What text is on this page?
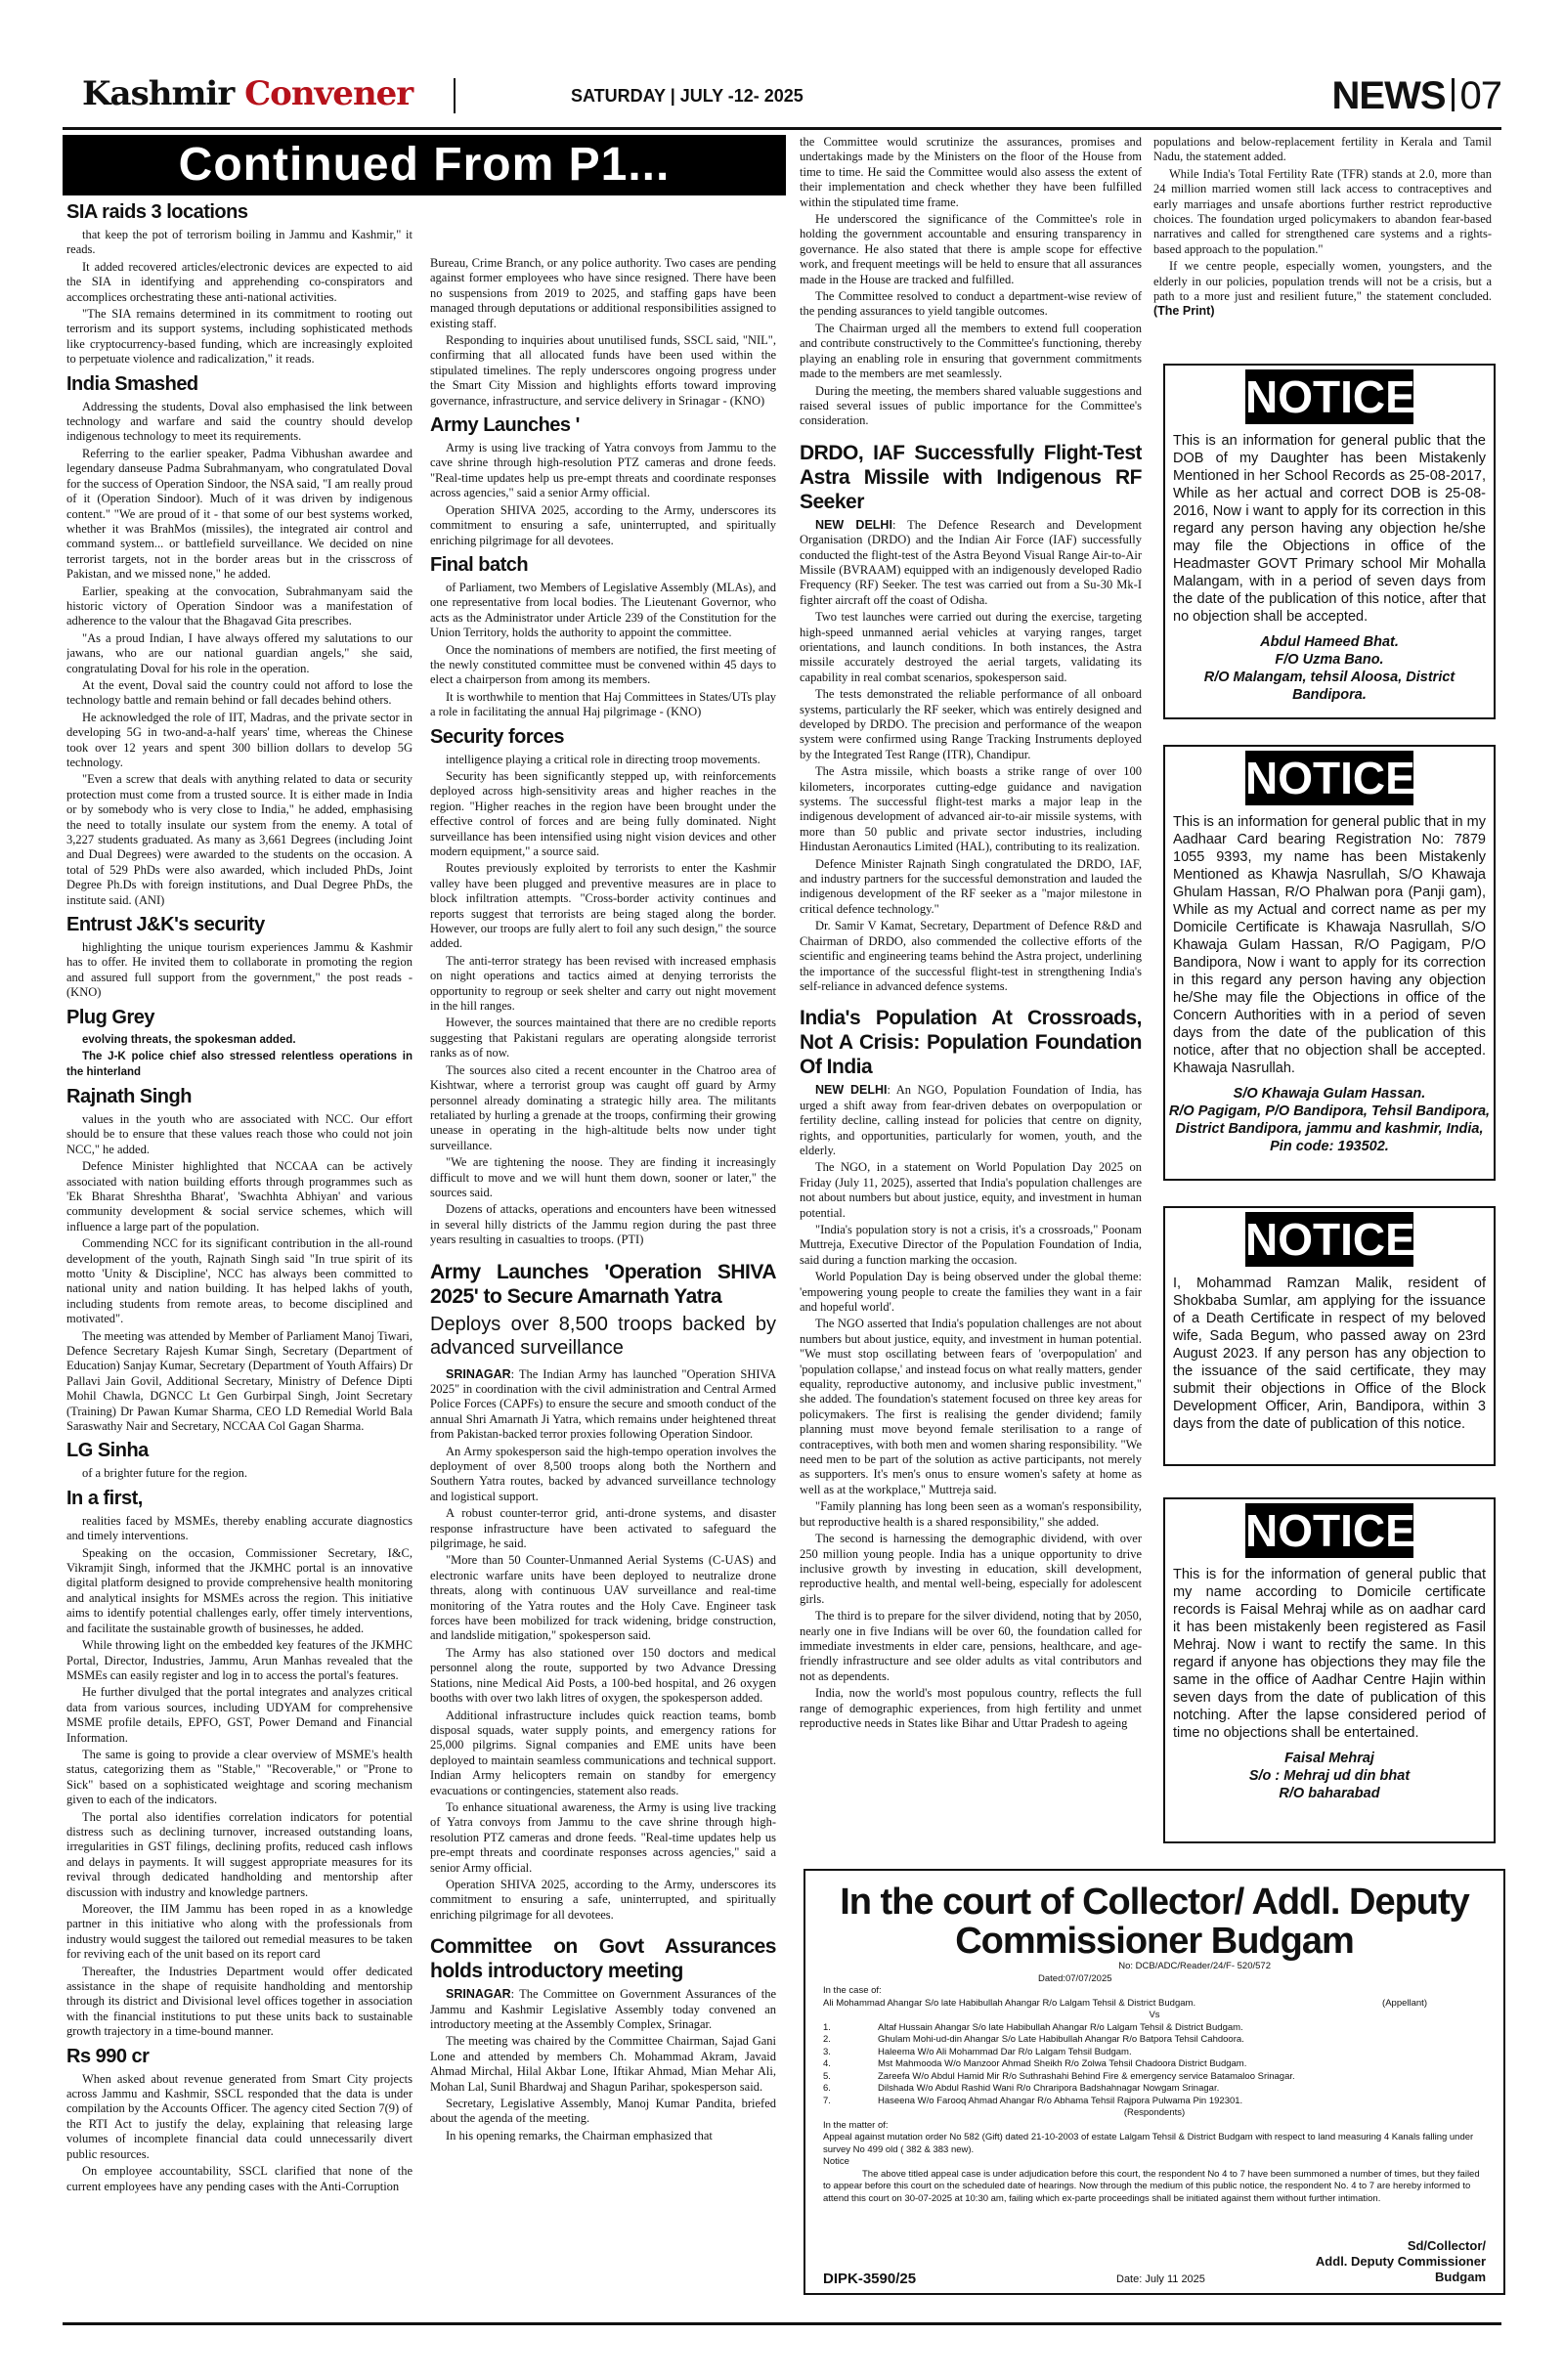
Kashmir Convener	SATURDAY | JULY -12- 2025	NEWS 07
Continued From P1...
SIA raids 3 locations

that keep the pot of terrorism boiling in Jammu and Kashmir," it reads.

It added recovered articles/electronic devices are expected to aid the SIA in identifying and apprehending co-conspirators and accomplices orchestrating these anti-national activities.

"The SIA remains determined in its commitment to rooting out terrorism and its support systems, including sophisticated methods like cryptocurrency-based funding, which are increasingly exploited to perpetuate violence and radicalization," it reads.

India Smashed

Addressing the students, Doval also emphasised the link between technology and warfare and said the country should develop indigenous technology to meet its requirements.

Referring to the earlier speaker, Padma Vibhushan awardee and legendary danseuse Padma Subrahmanyam, who congratulated Doval for the success of Operation Sindoor, the NSA said, "I am really proud of it (Operation Sindoor). Much of it was driven by indigenous content." "We are proud of it - that some of our best systems worked, whether it was BrahMos (missiles), the integrated air control and command system... or battlefield surveillance. We decided on nine terrorist targets, not in the border areas but in the crisscross of Pakistan, and we missed none," he added.

Earlier, speaking at the convocation, Subrahmanyam said the historic victory of Operation Sindoor was a manifestation of adherence to the valour that the Bhagavad Gita prescribes.

"As a proud Indian, I have always offered my salutations to our jawans, who are our national guardian angels," she said, congratulating Doval for his role in the operation.

At the event, Doval said the country could not afford to lose the technology battle and remain behind or fall decades behind others.

He acknowledged the role of IIT, Madras, and the private sector in developing 5G in two-and-a-half years' time, whereas the Chinese took over 12 years and spent 300 billion dollars to develop 5G technology.

"Even a screw that deals with anything related to data or security protection must come from a trusted source. It is either made in India or by somebody who is very close to India," he added, emphasising the need to totally insulate our system from the enemy. A total of 3,227 students graduated. As many as 3,661 Degrees (including Joint and Dual Degrees) were awarded to the students on the occasion. A total of 529 PhDs were also awarded, which included PhDs, Joint Degree Ph.Ds with foreign institutions, and Dual Degree PhDs, the institute said. (ANI)

Entrust J&K's security

highlighting the unique tourism experiences Jammu & Kashmir has to offer. He invited them to collaborate in promoting the region and assured full support from the government," the post reads - (KNO)

Plug Grey

evolving threats, the spokesman added.

The J-K police chief also stressed relentless operations in the hinterland

Rajnath Singh

values in the youth who are associated with NCC. Our effort should be to ensure that these values reach those who could not join NCC," he added.

Defence Minister highlighted that NCCAA can be actively associated with nation building efforts through programmes such as 'Ek Bharat Shreshtha Bharat', 'Swachhta Abhiyan' and various community development & social service schemes, which will influence a large part of the population.

Commending NCC for its significant contribution in the all-round development of the youth, Rajnath Singh said "In true spirit of its motto 'Unity & Discipline', NCC has always been committed to national unity and nation building. It has helped lakhs of youth, including students from remote areas, to become disciplined and motivated".

The meeting was attended by Member of Parliament Manoj Tiwari, Defence Secretary Rajesh Kumar Singh, Secretary (Department of Education) Sanjay Kumar, Secretary (Department of Youth Affairs) Dr Pallavi Jain Govil, Additional Secretary, Ministry of Defence Dipti Mohil Chawla, DGNCC Lt Gen Gurbirpal Singh, Joint Secretary (Training) Dr Pawan Kumar Sharma, CEO LD Remedial World Bala Saraswathy Nair and Secretary, NCCAA Col Gagan Sharma.

LG Sinha

of a brighter future for the region.

In a first,

realities faced by MSMEs, thereby enabling accurate diagnostics and timely interventions.

Speaking on the occasion, Commissioner Secretary, I&C, Vikramjit Singh, informed that the JKMHC portal is an innovative digital platform designed to provide comprehensive health monitoring and analytical insights for MSMEs across the region. This initiative aims to identify potential challenges early, offer timely interventions, and facilitate the sustainable growth of businesses, he added.

While throwing light on the embedded key features of the JKMHC Portal, Director, Industries, Jammu, Arun Manhas revealed that the MSMEs can easily register and log in to access the portal's features.

He further divulged that the portal integrates and analyzes critical data from various sources, including UDYAM for comprehensive MSME profile details, EPFO, GST, Power Demand and Financial Information.

The same is going to provide a clear overview of MSME's health status, categorizing them as "Stable," "Recoverable," or "Prone to Sick" based on a sophisticated weightage and scoring mechanism given to each of the indicators.

The portal also identifies correlation indicators for potential distress such as declining turnover, increased outstanding loans, irregularities in GST filings, declining profits, reduced cash inflows and delays in payments. It will suggest appropriate measures for its revival through dedicated handholding and mentorship after discussion with industry and knowledge partners.

Moreover, the IIM Jammu has been roped in as a knowledge partner in this initiative who along with the professionals from industry would suggest the tailored out remedial measures to be taken for reviving each of the unit based on its report card

Thereafter, the Industries Department would offer dedicated assistance in the shape of requisite handholding and mentorship through its district and Divisional level offices together in association with the financial institutions to put these units back to sustainable growth trajectory in a time-bound manner.

Rs 990 cr

When asked about revenue generated from Smart City projects across Jammu and Kashmir, SSCL responded that the data is under compilation by the Accounts Officer. The agency cited Section 7(9) of the RTI Act to justify the delay, explaining that releasing large volumes of incomplete financial data could unnecessarily divert public resources.

On employee accountability, SSCL clarified that none of the current employees have any pending cases with the Anti-Corruption

Bureau, Crime Branch, or any police authority. Two cases are pending against former employees who have since resigned. There have been no suspensions from 2019 to 2025, and staffing gaps have been managed through deputations or additional responsibilities assigned to existing staff.

Responding to inquiries about unutilised funds, SSCL said, "NIL", confirming that all allocated funds have been used within the stipulated timelines. The reply underscores ongoing progress under the Smart City Mission and highlights efforts toward improving governance, infrastructure, and service delivery in Srinagar - (KNO)

Army Launches '

Army is using live tracking of Yatra convoys from Jammu to the cave shrine through high-resolution PTZ cameras and drone feeds. "Real-time updates help us pre-empt threats and coordinate responses across agencies," said a senior Army official.

Operation SHIVA 2025, according to the Army, underscores its commitment to ensuring a safe, uninterrupted, and spiritually enriching pilgrimage for all devotees.

Final batch

of Parliament, two Members of Legislative Assembly (MLAs), and one representative from local bodies. The Lieutenant Governor, who acts as the Administrator under Article 239 of the Constitution for the Union Territory, holds the authority to appoint the committee.

Once the nominations of members are notified, the first meeting of the newly constituted committee must be convened within 45 days to elect a chairperson from among its members.

It is worthwhile to mention that Haj Committees in States/UTs play a role in facilitating the annual Haj pilgrimage - (KNO)

Security forces

intelligence playing a critical role in directing troop movements.

Security has been significantly stepped up, with reinforcements deployed across high-sensitivity areas and higher reaches in the region. "Higher reaches in the region have been brought under the effective control of forces and are being fully dominated. Night surveillance has been intensified using night vision devices and other modern equipment," a source said.

Routes previously exploited by terrorists to enter the Kashmir valley have been plugged and preventive measures are in place to block infiltration attempts. "Cross-border activity continues and reports suggest that terrorists are being staged along the border. However, our troops are fully alert to foil any such design," the source added.

The anti-terror strategy has been revised with increased emphasis on night operations and tactics aimed at denying terrorists the opportunity to regroup or seek shelter and carry out night movement in the hill ranges.

However, the sources maintained that there are no credible reports suggesting that Pakistani regulars are operating alongside terrorist ranks as of now.

The sources also cited a recent encounter in the Chatroo area of Kishtwar, where a terrorist group was caught off guard by Army personnel already dominating a strategic hilly area. The militants retaliated by hurling a grenade at the troops, confirming their growing unease in operating in the high-altitude belts now under tight surveillance.

"We are tightening the noose. They are finding it increasingly difficult to move and we will hunt them down, sooner or later," the sources said.

Dozens of attacks, operations and encounters have been witnessed in several hilly districts of the Jammu region during the past three years resulting in casualties to troops. (PTI)

Army Launches 'Operation SHIVA 2025' to Secure Amarnath Yatra
Deploys over 8,500 troops backed by advanced surveillance

SRINAGAR: The Indian Army has launched "Operation SHIVA 2025" in coordination with the civil administration and Central Armed Police Forces (CAPFs) to ensure the secure and smooth conduct of the annual Shri Amarnath Ji Yatra, which remains under heightened threat from Pakistan-backed terror proxies following Operation Sindoor.

An Army spokesperson said the high-tempo operation involves the deployment of over 8,500 troops along both the Northern and Southern Yatra routes, backed by advanced surveillance technology and logistical support.

A robust counter-terror grid, anti-drone systems, and disaster response infrastructure have been activated to safeguard the pilgrimage, he said.

"More than 50 Counter-Unmanned Aerial Systems (C-UAS) and electronic warfare units have been deployed to neutralize drone threats, along with continuous UAV surveillance and real-time monitoring of the Yatra routes and the Holy Cave. Engineer task forces have been mobilized for track widening, bridge construction, and landslide mitigation," spokesperson said.

The Army has also stationed over 150 doctors and medical personnel along the route, supported by two Advance Dressing Stations, nine Medical Aid Posts, a 100-bed hospital, and 26 oxygen booths with over two lakh litres of oxygen, the spokesperson added.

Additional infrastructure includes quick reaction teams, bomb disposal squads, water supply points, and emergency rations for 25,000 pilgrims. Signal companies and EME units have been deployed to maintain seamless communications and technical support. Indian Army helicopters remain on standby for emergency evacuations or contingencies, statement also reads.

To enhance situational awareness, the Army is using live tracking of Yatra convoys from Jammu to the cave shrine through high-resolution PTZ cameras and drone feeds. "Real-time updates help us pre-empt threats and coordinate responses across agencies," said a senior Army official.

Operation SHIVA 2025, according to the Army, underscores its commitment to ensuring a safe, uninterrupted, and spiritually enriching pilgrimage for all devotees.

Committee on Govt Assurances holds introductory meeting

SRINAGAR: The Committee on Government Assurances of the Jammu and Kashmir Legislative Assembly today convened an introductory meeting at the Assembly Complex, Srinagar.

The meeting was chaired by the Committee Chairman, Sajad Gani Lone and attended by members Ch. Mohammad Akram, Javaid Ahmad Mirchal, Hilal Akbar Lone, Iftikar Ahmad, Mian Mehar Ali, Mohan Lal, Sunil Bhardwaj and Shagun Parihar, spokesperson said.

Secretary, Legislative Assembly, Manoj Kumar Pandita, briefed about the agenda of the meeting.

In his opening remarks, the Chairman emphasized that

the Committee would scrutinize the assurances, promises and undertakings made by the Ministers on the floor of the House from time to time. He said the Committee would also assess the extent of their implementation and check whether they have been fulfilled within the stipulated time frame.

He underscored the significance of the Committee's role in holding the government accountable and ensuring transparency in governance. He also stated that there is ample scope for effective work, and frequent meetings will be held to ensure that all assurances made in the House are tracked and fulfilled.

The Committee resolved to conduct a department-wise review of the pending assurances to yield tangible outcomes.

The Chairman urged all the members to extend full cooperation and contribute constructively to the Committee's functioning, thereby playing an enabling role in ensuring that government commitments made to the members are met seamlessly.

During the meeting, the members shared valuable suggestions and raised several issues of public importance for the Committee's consideration.

DRDO, IAF Successfully Flight-Test Astra Missile with Indigenous RF Seeker

NEW DELHI: The Defence Research and Development Organisation (DRDO) and the Indian Air Force (IAF) successfully conducted the flight-test of the Astra Beyond Visual Range Air-to-Air Missile (BVRAAM) equipped with an indigenously developed Radio Frequency (RF) Seeker. The test was carried out from a Su-30 Mk-I fighter aircraft off the coast of Odisha.

Two test launches were carried out during the exercise, targeting high-speed unmanned aerial vehicles at varying ranges, target orientations, and launch conditions. In both instances, the Astra missile accurately destroyed the aerial targets, validating its capability in real combat scenarios, spokesperson said.

The tests demonstrated the reliable performance of all onboard systems, particularly the RF seeker, which was entirely designed and developed by DRDO. The precision and performance of the weapon system were confirmed using Range Tracking Instruments deployed by the Integrated Test Range (ITR), Chandipur.

The Astra missile, which boasts a strike range of over 100 kilometers, incorporates cutting-edge guidance and navigation systems. The successful flight-test marks a major leap in the indigenous development of advanced air-to-air missile systems, with more than 50 public and private sector industries, including Hindustan Aeronautics Limited (HAL), contributing to its realization.

Defence Minister Rajnath Singh congratulated the DRDO, IAF, and industry partners for the successful demonstration and lauded the indigenous development of the RF seeker as a "major milestone in critical defence technology."

Dr. Samir V Kamat, Secretary, Department of Defence R&D and Chairman of DRDO, also commended the collective efforts of the scientific and engineering teams behind the Astra project, underlining the importance of the successful flight-test in strengthening India's self-reliance in advanced defence systems.

India's Population At Crossroads, Not A Crisis: Population Foundation Of India

NEW DELHI: An NGO, Population Foundation of India, has urged a shift away from fear-driven debates on overpopulation or fertility decline, calling instead for policies that centre on dignity, rights, and opportunities, particularly for women, youth, and the elderly.

The NGO, in a statement on World Population Day 2025 on Friday (July 11, 2025), asserted that India's population challenges are not about numbers but about justice, equity, and investment in human potential.

"India's population story is not a crisis, it's a crossroads," Poonam Muttreja, Executive Director of the Population Foundation of India, said during a function marking the occasion.

World Population Day is being observed under the global theme: 'empowering young people to create the families they want in a fair and hopeful world'.

The NGO asserted that India's population challenges are not about numbers but about justice, equity, and investment in human potential. "We must stop oscillating between fears of 'overpopulation' and 'population collapse,' and instead focus on what really matters, gender equality, reproductive autonomy, and inclusive public investment," she added. The foundation's statement focused on three key areas for policymakers. The first is realising the gender dividend; family planning must move beyond female sterilisation to a range of contraceptives, with both men and women sharing responsibility. "We need men to be part of the solution as active participants, not merely as supporters. It's men's onus to ensure women's safety at home as well as at the workplace," Muttreja said.

"Family planning has long been seen as a woman's responsibility, but reproductive health is a shared responsibility," she added.

The second is harnessing the demographic dividend, with over 250 million young people. India has a unique opportunity to drive inclusive growth by investing in education, skill development, reproductive health, and mental well-being, especially for adolescent girls.

The third is to prepare for the silver dividend, noting that by 2050, nearly one in five Indians will be over 60, the foundation called for immediate investments in elder care, pensions, healthcare, and age-friendly infrastructure and see older adults as vital contributors and not as dependents.

India, now the world's most populous country, reflects the full range of demographic experiences, from high fertility and unmet reproductive needs in States like Bihar and Uttar Pradesh to ageing

populations and below-replacement fertility in Kerala and Tamil Nadu, the statement added.

While India's Total Fertility Rate (TFR) stands at 2.0, more than 24 million married women still lack access to contraceptives and early marriages and unsafe abortions further restrict reproductive choices. The foundation urged policymakers to abandon fear-based narratives and called for strengthened care systems and a rights-based approach to the population."

If we centre people, especially women, youngsters, and the elderly in our policies, population trends will not be a crisis, but a path to a more just and resilient future," the statement concluded. (The Print)

NOTICE
This is an information for general public that the DOB of my Daughter has been Mistakenly Mentioned in her School Records as 25-08-2017, While as her actual and correct DOB is 25-08-2016, Now i want to apply for its correction in this regard any person having any objection he/she may file the Objections in office of the Headmaster GOVT Primary school Mir Mohalla Malangam, with in a period of seven days from the date of the publication of this notice, after that no objection shall be accepted.
Abdul Hameed Bhat.
F/O Uzma Bano.
R/O Malangam, tehsil Aloosa, District Bandipora.
NOTICE
This is an information for general public that in my Aadhaar Card bearing Registration No: 7879 1055 9393, my name has been Mistakenly Mentioned as Khawja Nasrullah, S/O Khawaja Ghulam Hassan, R/O Phalwan pora (Panji gam), While as my Actual and correct name as per my Domicile Certificate is Khawaja Nasrullah, S/O Khawaja Gulam Hassan, R/O Pagigam, P/O Bandipora, Now i want to apply for its correction in this regard any person having any objection he/She may file the Objections in office of the Concern Authorities with in a period of seven days from the date of the publication of this notice, after that no objection shall be accepted. Khawaja Nasrullah.
S/O Khawaja Gulam Hassan.
R/O Pagigam, P/O Bandipora, Tehsil Bandipora, District Bandipora, jammu and kashmir, India, Pin code: 193502.
NOTICE
I, Mohammad Ramzan Malik, resident of Shokbaba Sumlar, am applying for the issuance of a Death Certificate in respect of my beloved wife, Sada Begum, who passed away on 23rd August 2023. If any person has any objection to the issuance of the said certificate, they may submit their objections in Office of the Block Development Officer, Arin, Bandipora, within 3 days from the date of publication of this notice.
NOTICE
This is for the information of general public that my name according to Domicile certificate records is Faisal Mehraj while as on aadhar card it has been mistakenly been registered as Fasil Mehraj. Now i want to rectify the same. In this regard if anyone has objections they may file the same in the office of Aadhar Centre Hajin within seven days from the date of publication of this notching. After the lapse considered period of time no objections shall be entertained.
Faisal Mehraj
S/o : Mehraj ud din bhat
R/O baharabad
In the court of Collector/ Addl. Deputy Commissioner Budgam
No: DCB/ADC/Reader/24/F- 520/572
Dated:07/07/2025
In the case of:
Ali Mohammad Ahangar S/o late Habibullah Ahangar R/o Lalgam Tehsil & District Budgam.	(Appellant)
Vs
1.	Altaf Hussain Ahangar S/o late Habibullah Ahangar R/o Lalgam Tehsil & District Budgam.
2.	Ghulam Mohi-ud-din Ahangar S/o Late Habibullah Ahangar R/o Batpora Tehsil Cahdoora.
3.	Haleema W/o Ali Mohammad Dar R/o Lalgam Tehsil Budgam.
4.	Mst Mahmooda W/o Manzoor Ahmad Sheikh R/o Zolwa Tehsil Chadoora District Budgam.
5.	Zareefa W/o Abdul Hamid Mir R/o Suthrashahi Behind Fire & emergency service Batamaloo Srinagar.
6.	Dilshada W/o Abdul Rashid Wani R/o Chraripora Badshahnagar Nowgam Srinagar.
7.	Haseena W/o Farooq Ahmad Ahangar R/o Abhama Tehsil Rajpora Pulwama Pin 192301.
(Respondents)
In the matter of:
Appeal against mutation order No 582 (Gift) dated 21-10-2003 of estate Lalgam Tehsil & District Budgam with respect to land measuring 4 Kanals falling under survey No 499 old ( 382 & 383 new).
Notice
The above titled appeal case is under adjudication before this court, the respondent No 4 to 7 have been summoned a number of times, but they failed to appear before this court on the scheduled date of hearings. Now through the medium of this public notice, the respondent No. 4 to 7 are hereby informed to attend this court on 30-07-2025 at 10:30 am, failing which ex-parte proceedings shall be initiated against them without further intimation.
DIPK-3590/25	Date: July 11 2025
Sd/Collector/
Addl. Deputy Commissioner
Budgam
